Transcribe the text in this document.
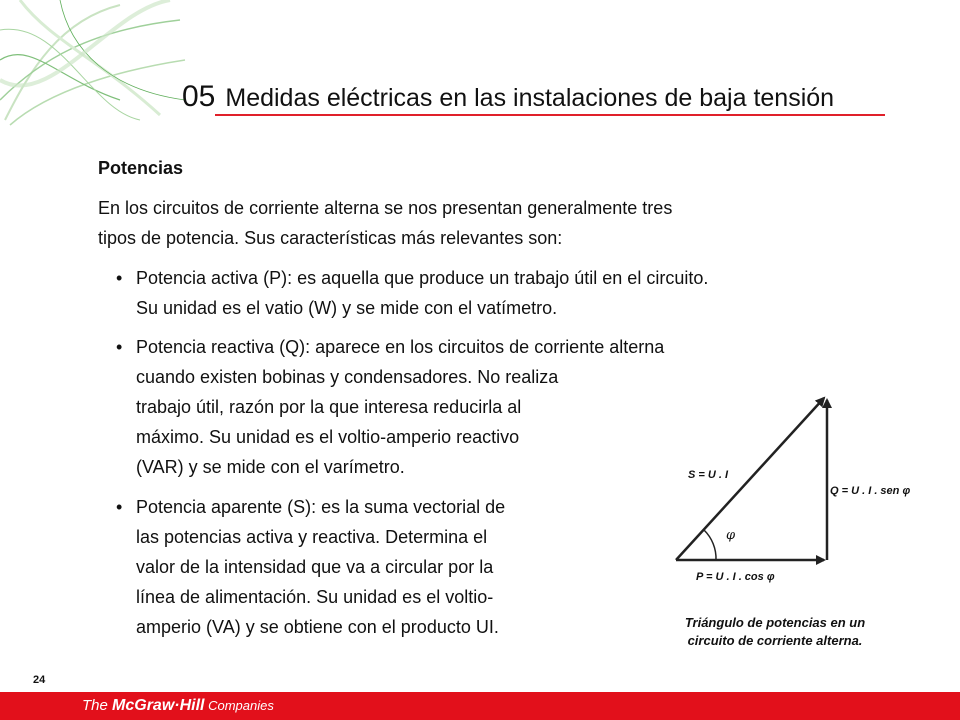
05 Medidas eléctricas en las instalaciones de baja tensión
Potencias
En los circuitos de corriente alterna se nos presentan generalmente tres
tipos de potencia. Sus características más relevantes son:
• Potencia activa (P): es aquella que produce un trabajo útil en el circuito.
Su unidad es el vatio (W) y se mide con el vatímetro.
• Potencia reactiva (Q): aparece en los circuitos de corriente alterna
cuando existen bobinas y condensadores. No realiza
trabajo útil, razón por la que interesa reducirla al
máximo. Su unidad es el voltio-amperio reactivo
(VAR) y se mide con el varímetro.
• Potencia aparente (S): es la suma vectorial de
las potencias activa y reactiva. Determina el
valor de la intensidad que va a circular por la
línea de alimentación. Su unidad es el voltio-
amperio (VA) y se obtiene con el producto UI.
S = U . I
Q = U . I . sen φ
P = U . I . cos φ
φ
Triángulo de potencias en un
circuito de corriente alterna.
24
The McGraw·Hill Companies
